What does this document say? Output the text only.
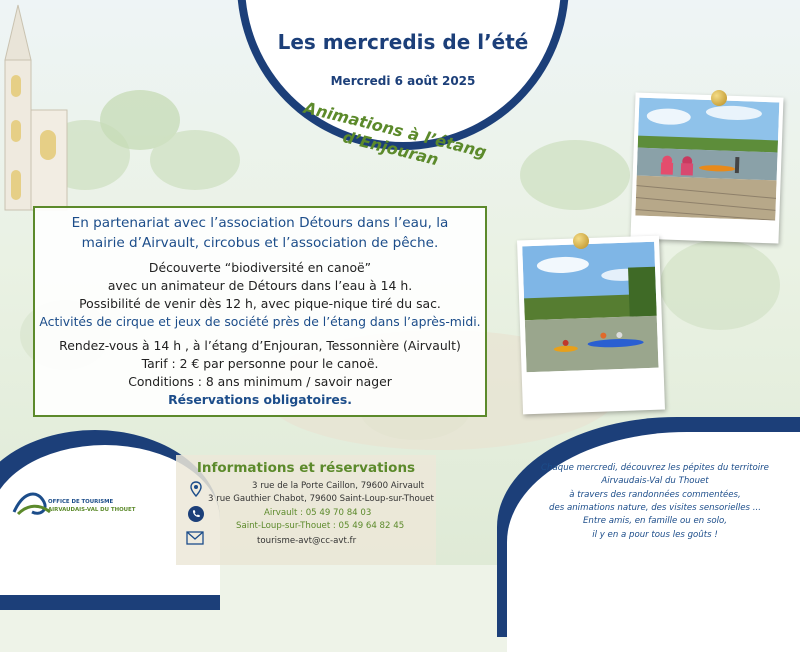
Les mercredis de l’été
Mercredi 6 août 2025
Animations à l’étang d’Enjouran
En partenariat avec l’association Détours dans l’eau, la
mairie d’Airvault, circobus et l’association de pêche.
Découverte “biodiversité en canoë”
avec un animateur de Détours dans l’eau à 14 h.
Possibilité de venir dès 12 h, avec pique-nique tiré du sac.
Activités de cirque et jeux de société près de l’étang dans l’après-midi.
Rendez-vous à 14 h , à l’étang d’Enjouran, Tessonnière (Airvault)
Tarif : 2 € par personne pour le canoë.
Conditions : 8 ans minimum / savoir nager
Réservations obligatoires.
OFFICE DE TOURISME
AIRVAUDAIS-VAL DU THOUET
Informations et réservations
3 rue de la Porte Caillon, 79600 Airvault
3 rue Gauthier Chabot, 79600 Saint-Loup-sur-Thouet
Airvault : 05 49 70 84 03
Saint-Loup-sur-Thouet : 05 49 64 82 45
tourisme-avt@cc-avt.fr
Chaque mercredi, découvrez les pépites du territoire
Airvaudais-Val du Thouet
à travers des randonnées commentées,
des animations nature, des visites sensorielles ...
Entre amis, en famille ou en solo,
il y en a pour tous les goûts !
